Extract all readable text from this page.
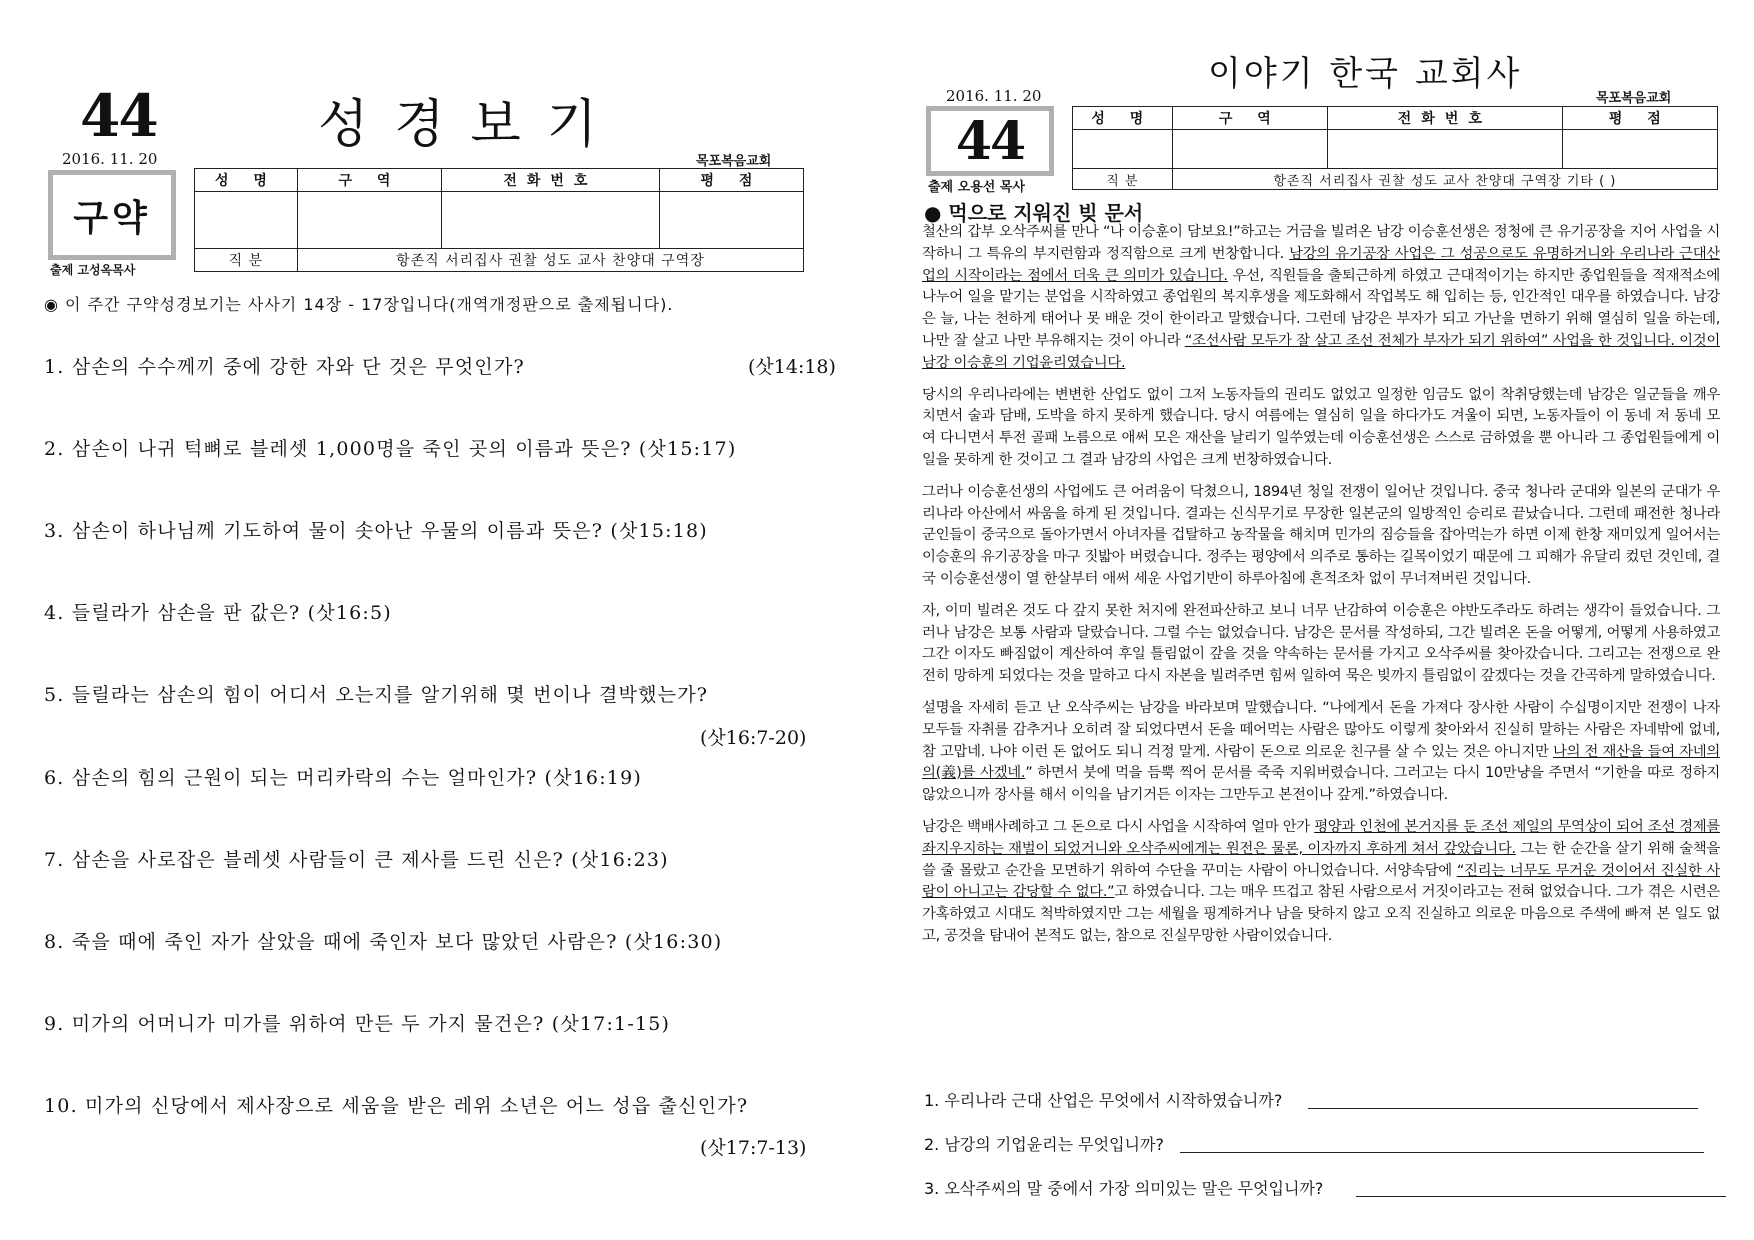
44	성경보기
2016. 11. 20	목포복음교회
구약
출제 고성옥목사
성 명	구 역	전화번호	평 점

직 분	항존직 서리집사 권찰 성도 교사 찬양대 구역장		
◉ 이 주간 구약성경보기는 사사기 14장 - 17장입니다(개역개정판으로 출제됩니다).
1. 삼손의 수수께끼 중에 강한 자와 단 것은 무엇인가?	(삿14:18)
2. 삼손이 나귀 턱뼈로 블레셋 1,000명을 죽인 곳의 이름과 뜻은? (삿15:17)
3. 삼손이 하나님께 기도하여 물이 솟아난 우물의 이름과 뜻은? (삿15:18)
4. 들릴라가 삼손을 판 값은? (삿16:5)
5. 들릴라는 삼손의 힘이 어디서 오는지를 알기위해 몇 번이나 결박했는가?
(삿16:7-20)
6. 삼손의 힘의 근원이 되는 머리카락의 수는 얼마인가? (삿16:19)
7. 삼손을 사로잡은 블레셋 사람들이 큰 제사를 드린 신은? (삿16:23)
8. 죽을 때에 죽인 자가 살았을 때에 죽인자 보다 많았던 사람은? (삿16:30)
9. 미가의 어머니가 미가를 위하여 만든 두 가지 물건은? (삿17:1-15)
10. 미가의 신당에서 제사장으로 세움을 받은 레위 소년은 어느 성읍 출신인가?
(삿17:7-13)
이야기 한국 교회사
2016. 11. 20	목포복음교회
44
출제 오용선 목사
성 명	구 역	전화번호	평 점

직 분	항존직 서리집사 권찰 성도 교사 찬양대 구역장 기타 ( )		
● 먹으로 지워진 빚 문서

철산의 갑부 오삭주씨를 만나 “나 이승훈이 담보요!”하고는 거금을 빌려온 남강 이승훈선생은 정청에 큰 유기공장을 지어 사업을 시작하니 그 특유의 부지런함과 정직함으로 크게 번창합니다. 남강의 유기공장 사업은 그 성공으로도 유명하거니와 우리나라 근대산업의 시작이라는 점에서 더욱 큰 의미가 있습니다. 우선, 직원들을 출퇴근하게 하였고 근대적이기는 하지만 종업원들을 적재적소에 나누어 일을 맡기는 분업을 시작하였고 종업원의 복지후생을 제도화해서 작업복도 해 입히는 등, 인간적인 대우를 하였습니다. 남강은 늘, 나는 천하게 태어나 못 배운 것이 한이라고 말했습니다. 그런데 남강은 부자가 되고 가난을 면하기 위해 열심히 일을 하는데, 나만 잘 살고 나만 부유해지는 것이 아니라 “조선사람 모두가 잘 살고 조선 전체가 부자가 되기 위하여” 사업을 한 것입니다. 이것이 남강 이승훈의 기업윤리였습니다.

당시의 우리나라에는 변변한 산업도 없이 그저 노동자들의 권리도 없었고 일정한 임금도 없이 착취당했는데 남강은 일군들을 깨우치면서 술과 담배, 도박을 하지 못하게 했습니다. 당시 여름에는 열심히 일을 하다가도 겨울이 되면, 노동자들이 이 동네 저 동네 모여 다니면서 투전 골패 노름으로 애써 모은 재산을 날리기 일쑤였는데 이승훈선생은 스스로 금하였을 뿐 아니라 그 종업원들에게 이 일을 못하게 한 것이고 그 결과 남강의 사업은 크게 번창하였습니다.

그러나 이승훈선생의 사업에도 큰 어려움이 닥쳤으니, 1894년 청일 전쟁이 일어난 것입니다. 중국 청나라 군대와 일본의 군대가 우리나라 아산에서 싸움을 하게 된 것입니다. 결과는 신식무기로 무장한 일본군의 일방적인 승리로 끝났습니다. 그런데 패전한 청나라 군인들이 중국으로 돌아가면서 아녀자를 겁탈하고 농작물을 해치며 민가의 짐승들을 잡아먹는가 하면 이제 한창 재미있게 일어서는 이승훈의 유기공장을 마구 짓밟아 버렸습니다. 정주는 평양에서 의주로 통하는 길목이었기 때문에 그 피해가 유달리 컸던 것인데, 결국 이승훈선생이 열 한살부터 애써 세운 사업기반이 하루아침에 흔적조차 없이 무너져버린 것입니다.

자, 이미 빌려온 것도 다 갚지 못한 처지에 완전파산하고 보니 너무 난감하여 이승훈은 야반도주라도 하려는 생각이 들었습니다. 그러나 남강은 보통 사람과 달랐습니다. 그럴 수는 없었습니다. 남강은 문서를 작성하되, 그간 빌려온 돈을 어떻게, 어떻게 사용하였고 그간 이자도 빠짐없이 계산하여 후일 틀림없이 갚을 것을 약속하는 문서를 가지고 오삭주씨를 찾아갔습니다. 그리고는 전쟁으로 완전히 망하게 되었다는 것을 말하고 다시 자본을 빌려주면 힘써 일하여 묵은 빚까지 틀림없이 갚겠다는 것을 간곡하게 말하였습니다.

설명을 자세히 듣고 난 오삭주씨는 남강을 바라보며 말했습니다. “나에게서 돈을 가져다 장사한 사람이 수십명이지만 전쟁이 나자 모두들 자취를 감추거나 오히려 잘 되었다면서 돈을 떼어먹는 사람은 많아도 이렇게 찾아와서 진실히 말하는 사람은 자네밖에 없네, 참 고맙네. 나야 이런 돈 없어도 되니 걱정 말게. 사람이 돈으로 의로운 친구를 살 수 있는 것은 아니지만 나의 전 재산을 들여 자네의 의(義)를 사겠네.” 하면서 붓에 먹을 듬뿍 찍어 문서를 죽죽 지워버렸습니다. 그러고는 다시 10만냥을 주면서 “기한을 따로 정하지 않았으니까 장사를 해서 이익을 남기거든 이자는 그만두고 본전이나 갚게.”하였습니다.

남강은 백배사례하고 그 돈으로 다시 사업을 시작하여 얼마 안가 평양과 인천에 본거지를 둔 조선 제일의 무역상이 되어 조선 경제를 좌지우지하는 재벌이 되었거니와 오삭주씨에게는 원전은 물론, 이자까지 후하게 쳐서 갚았습니다. 그는 한 순간을 살기 위해 술책을 쓸 줄 몰랐고 순간을 모면하기 위하여 수단을 꾸미는 사람이 아니었습니다. 서양속담에 “진리는 너무도 무거운 것이어서 진실한 사람이 아니고는 감당할 수 없다.”고 하였습니다. 그는 매우 뜨겁고 참된 사람으로서 거짓이라고는 전혀 없었습니다. 그가 겪은 시련은 가혹하였고 시대도 척박하였지만 그는 세월을 핑계하거나 남을 탓하지 않고 오직 진실하고 의로운 마음으로 주색에 빠져 본 일도 없고, 공것을 탐내어 본적도 없는, 참으로 진실무망한 사람이었습니다.

1. 우리나라 근대 산업은 무엇에서 시작하였습니까?
2. 남강의 기업윤리는 무엇입니까?
3. 오삭주씨의 말 중에서 가장 의미있는 말은 무엇입니까?
